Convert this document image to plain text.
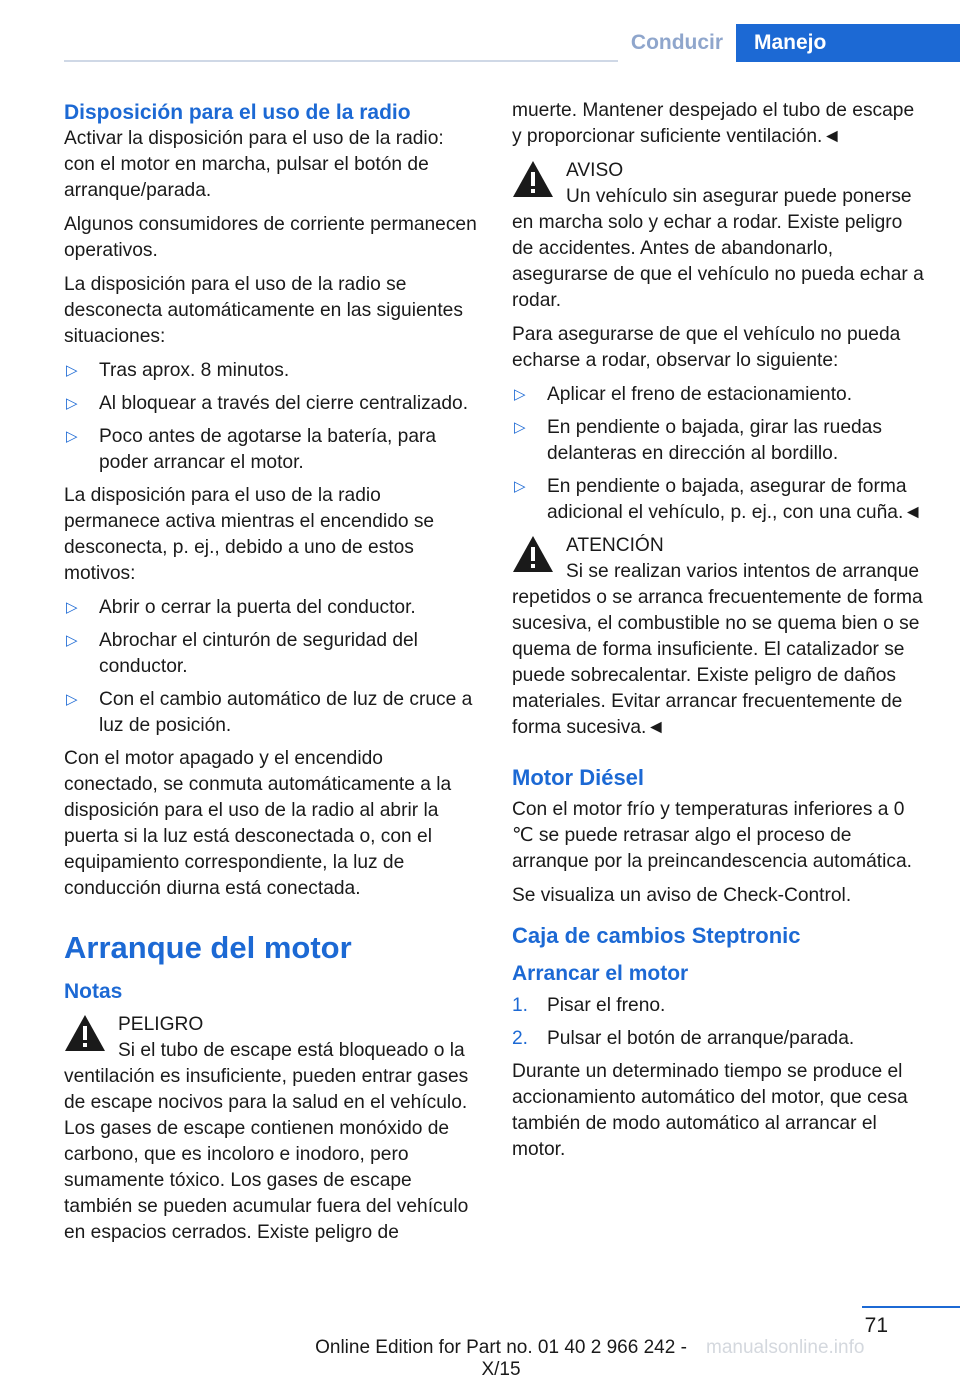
Conducir	Manejo
Disposición para el uso de la radio

Activar la disposición para el uso de la radio: con el motor en marcha, pulsar el botón de arranque/parada.

Algunos consumidores de corriente permanecen operativos.

La disposición para el uso de la radio se desconecta automáticamente en las siguientes situaciones:

▷ Tras aprox. 8 minutos.
▷ Al bloquear a través del cierre centralizado.
▷ Poco antes de agotarse la batería, para poder arrancar el motor.

La disposición para el uso de la radio permanece activa mientras el encendido se desconecta, p. ej., debido a uno de estos motivos:

▷ Abrir o cerrar la puerta del conductor.
▷ Abrochar el cinturón de seguridad del conductor.
▷ Con el cambio automático de luz de cruce a luz de posición.

Con el motor apagado y el encendido conectado, se conmuta automáticamente a la disposición para el uso de la radio al abrir la puerta si la luz está desconectada o, con el equipamiento correspondiente, la luz de conducción diurna está conectada.

Arranque del motor
Notas
PELIGRO
Si el tubo de escape está bloqueado o la ventilación es insuficiente, pueden entrar gases de escape nocivos para la salud en el vehículo. Los gases de escape contienen monóxido de carbono, que es incoloro e inodoro, pero sumamente tóxico. Los gases de escape también se pueden acumular fuera del vehículo en espacios cerrados. Existe peligro de

muerte. Mantener despejado el tubo de escape y proporcionar suficiente ventilación.◄

AVISO
Un vehículo sin asegurar puede ponerse en marcha solo y echar a rodar. Existe peligro de accidentes. Antes de abandonarlo, asegurarse de que el vehículo no pueda echar a rodar.

Para asegurarse de que el vehículo no pueda echarse a rodar, observar lo siguiente:

▷ Aplicar el freno de estacionamiento.
▷ En pendiente o bajada, girar las ruedas delanteras en dirección al bordillo.
▷ En pendiente o bajada, asegurar de forma adicional el vehículo, p. ej., con una cuña.◄
ATENCIÓN
Si se realizan varios intentos de arranque repetidos o se arranca frecuentemente de forma sucesiva, el combustible no se quema bien o se quema de forma insuficiente. El catalizador se puede sobrecalentar. Existe peligro de daños materiales. Evitar arrancar frecuentemente de forma sucesiva.◄
Motor Diésel

Con el motor frío y temperaturas inferiores a 0 ℃ se puede retrasar algo el proceso de arranque por la preincandescencia automática.

Se visualiza un aviso de Check-Control.

Caja de cambios Steptronic
Arrancar el motor
1. Pisar el freno.
2. Pulsar el botón de arranque/parada.

Durante un determinado tiempo se produce el accionamiento automático del motor, que cesa también de modo automático al arrancar el motor.

71
Online Edition for Part no. 01 40 2 966 242 - X/15
manualsonline.info
